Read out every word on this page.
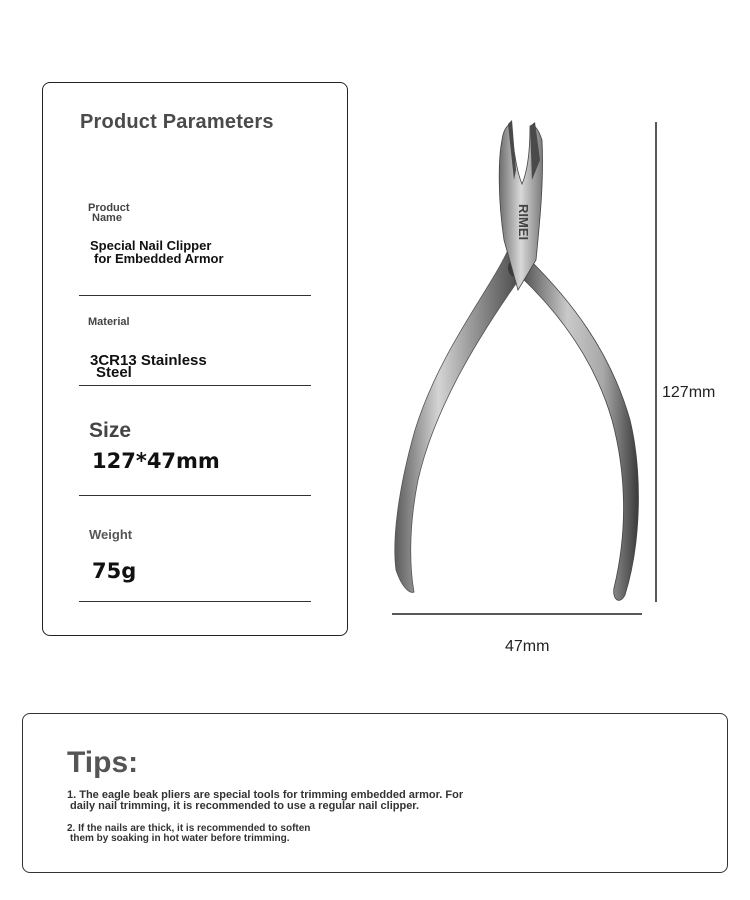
Product Parameters
Product
Name
Special Nail Clipper
for Embedded Armor
Material
3CR13 Stainless
Steel
Size
127*47mm
Weight
75g
RIMEI
127mm
47mm
Tips:
1. The eagle beak pliers are special tools for trimming embedded armor. For
daily nail trimming, it is recommended to use a regular nail clipper.
2. If the nails are thick, it is recommended to soften
them by soaking in hot water before trimming.
